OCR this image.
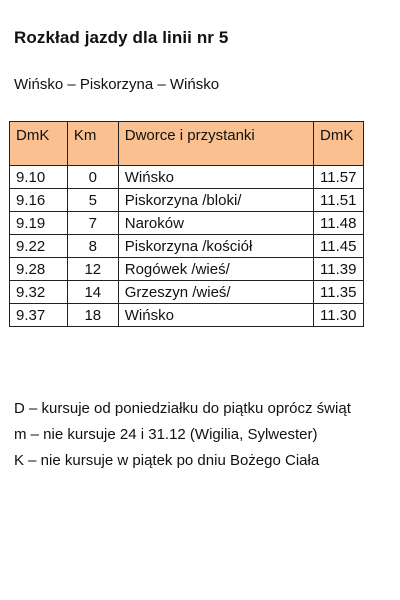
Rozkład jazdy dla linii nr 5
Wińsko – Piskorzyna – Wińsko
DmK	Km	Dworce i przystanki	DmK
9.10	0	Wińsko	11.57
9.16	5	Piskorzyna /bloki/	11.51
9.19	7	Naroków	11.48
9.22	8	Piskorzyna /kościół	11.45
9.28	12	Rogówek /wieś/	11.39
9.32	14	Grzeszyn /wieś/	11.35
9.37	18	Wińsko	11.30
D – kursuje od poniedziałku do piątku oprócz świąt
m – nie kursuje 24 i 31.12 (Wigilia, Sylwester)
K – nie kursuje w piątek po dniu Bożego Ciała
